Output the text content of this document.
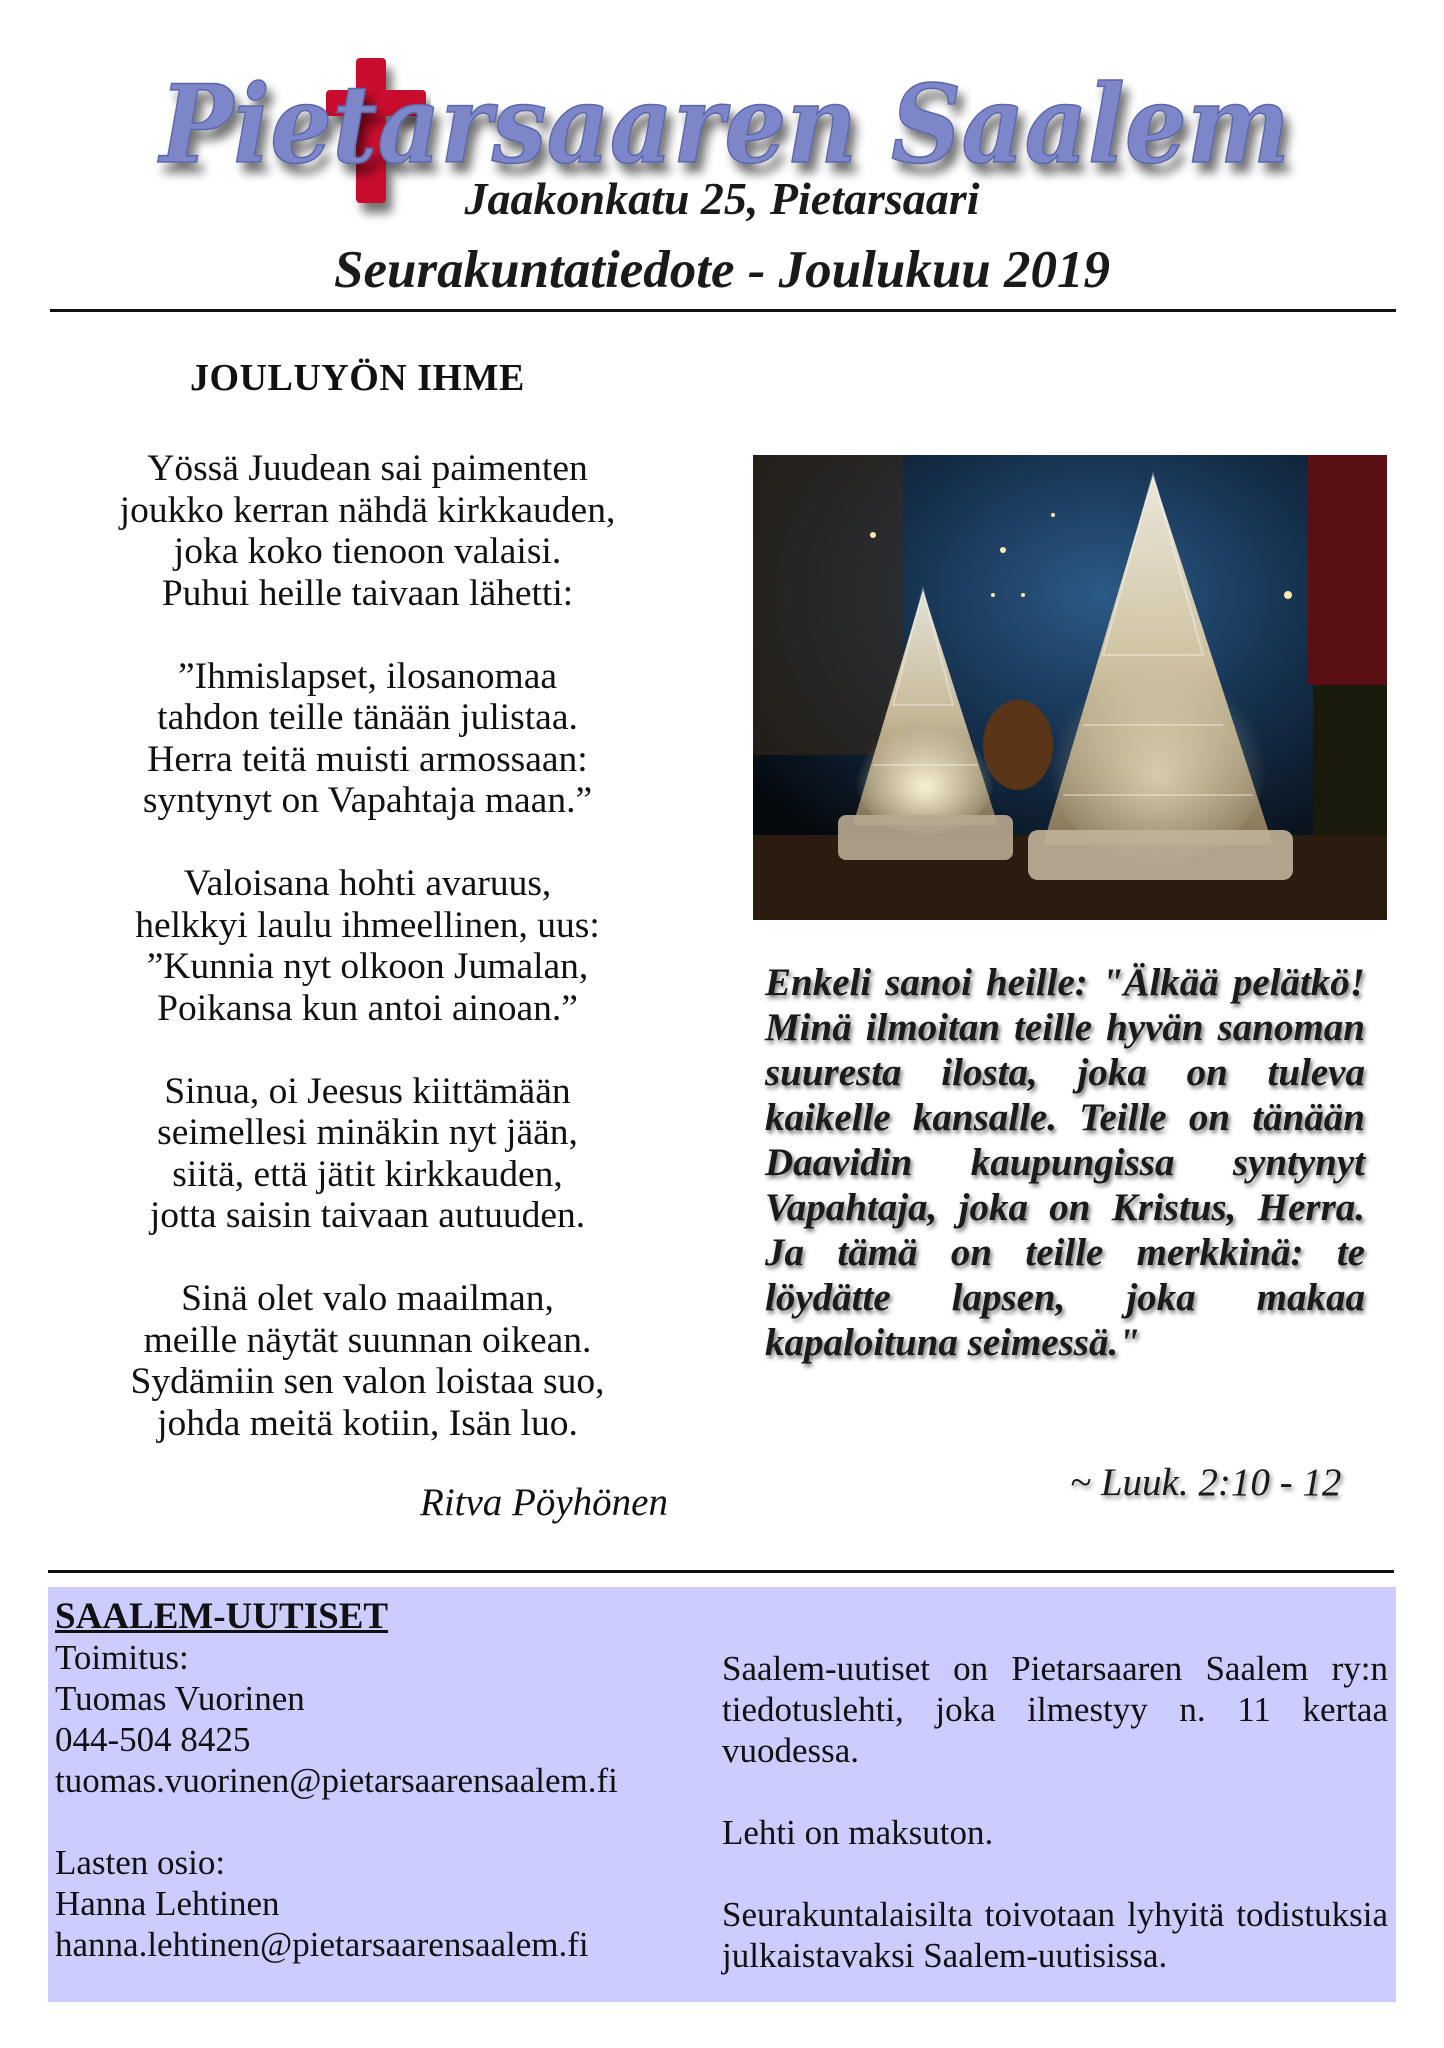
Pietarsaaren Saalem
Jaakonkatu 25, Pietarsaari
Seurakuntatiedote - Joulukuu 2019
JOULUYÖN IHME
Yössä Juudean sai paimenten
joukko kerran nähdä kirkkauden,
joka koko tienoon valaisi.
Puhui heille taivaan lähetti:
”Ihmislapset, ilosanomaa
tahdon teille tänään julistaa.
Herra teitä muisti armossaan:
syntynyt on Vapahtaja maan.”
Valoisana hohti avaruus,
helkkyi laulu ihmeellinen, uus:
”Kunnia nyt olkoon Jumalan,
Poikansa kun antoi ainoan.”
Sinua, oi Jeesus kiittämään
seimellesi minäkin nyt jään,
siitä, että jätit kirkkauden,
jotta saisin taivaan autuuden.
Sinä olet valo maailman,
meille näytät suunnan oikean.
Sydämiin sen valon loistaa suo,
johda meitä kotiin, Isän luo.
Ritva Pöyhönen
Enkeli sanoi heille: "Älkää pelätkö! Minä ilmoitan teille hyvän sanoman suuresta ilosta, joka on tuleva kaikelle kansalle. Teille on tänään Daavidin kaupungissa syntynyt Vapahtaja, joka on Kristus, Herra. Ja tämä on teille merkkinä: te löydätte lapsen, joka makaa kapaloituna seimessä."
~ Luuk. 2:10 - 12
SAALEM-UUTISET
Toimitus:
Tuomas Vuorinen
044-504 8425
tuomas.vuorinen@pietarsaarensaalem.fi
Lasten osio:
Hanna Lehtinen
hanna.lehtinen@pietarsaarensaalem.fi

Saalem-uutiset on Pietarsaaren Saalem ry:n tiedotuslehti, joka ilmestyy n. 11 kertaa vuodessa.

Lehti on maksuton.

Seurakuntalaisilta toivotaan lyhyitä todistuksia julkaistavaksi Saalem-uutisissa.
